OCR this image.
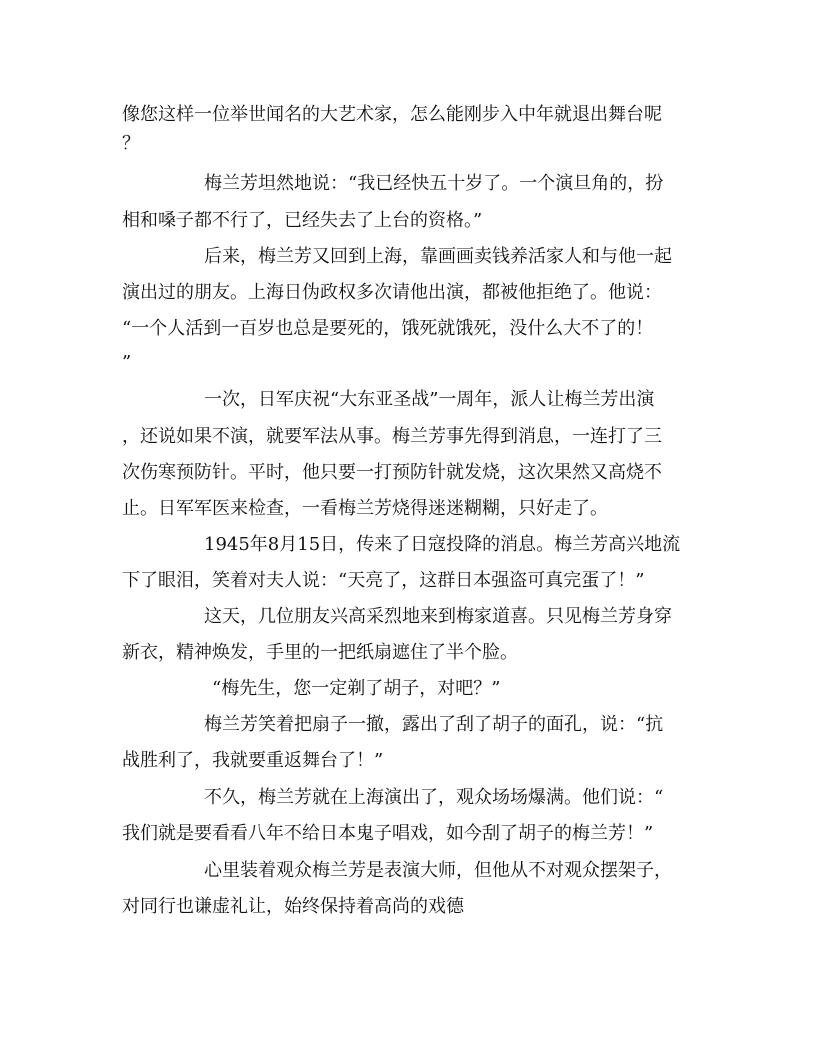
像您这样一位举世闻名的大艺术家，怎么能刚步入中年就退出舞台呢
？
梅兰芳坦然地说：“我已经快五十岁了。一个演旦角的，扮
相和嗓子都不行了，已经失去了上台的资格。”
后来，梅兰芳又回到上海，靠画画卖钱养活家人和与他一起
演出过的朋友。上海日伪政权多次请他出演，都被他拒绝了。他说：
“一个人活到一百岁也总是要死的，饿死就饿死，没什么大不了的！
”
一次，日军庆祝“大东亚圣战”一周年，派人让梅兰芳出演
，还说如果不演，就要军法从事。梅兰芳事先得到消息，一连打了三
次伤寒预防针。平时，他只要一打预防针就发烧，这次果然又高烧不
止。日军军医来检查，一看梅兰芳烧得迷迷糊糊，只好走了。
1945年8月15日，传来了日寇投降的消息。梅兰芳高兴地流
下了眼泪，笑着对夫人说：“天亮了，这群日本强盗可真完蛋了！”
这天，几位朋友兴高采烈地来到梅家道喜。只见梅兰芳身穿
新衣，精神焕发，手里的一把纸扇遮住了半个脸。
“梅先生，您一定剃了胡子，对吧？”
梅兰芳笑着把扇子一撤，露出了刮了胡子的面孔，说：“抗
战胜利了，我就要重返舞台了！”
不久，梅兰芳就在上海演出了，观众场场爆满。他们说：“
我们就是要看看八年不给日本鬼子唱戏，如今刮了胡子的梅兰芳！”
心里装着观众梅兰芳是表演大师，但他从不对观众摆架子，
对同行也谦虚礼让，始终保持着高尚的戏德
